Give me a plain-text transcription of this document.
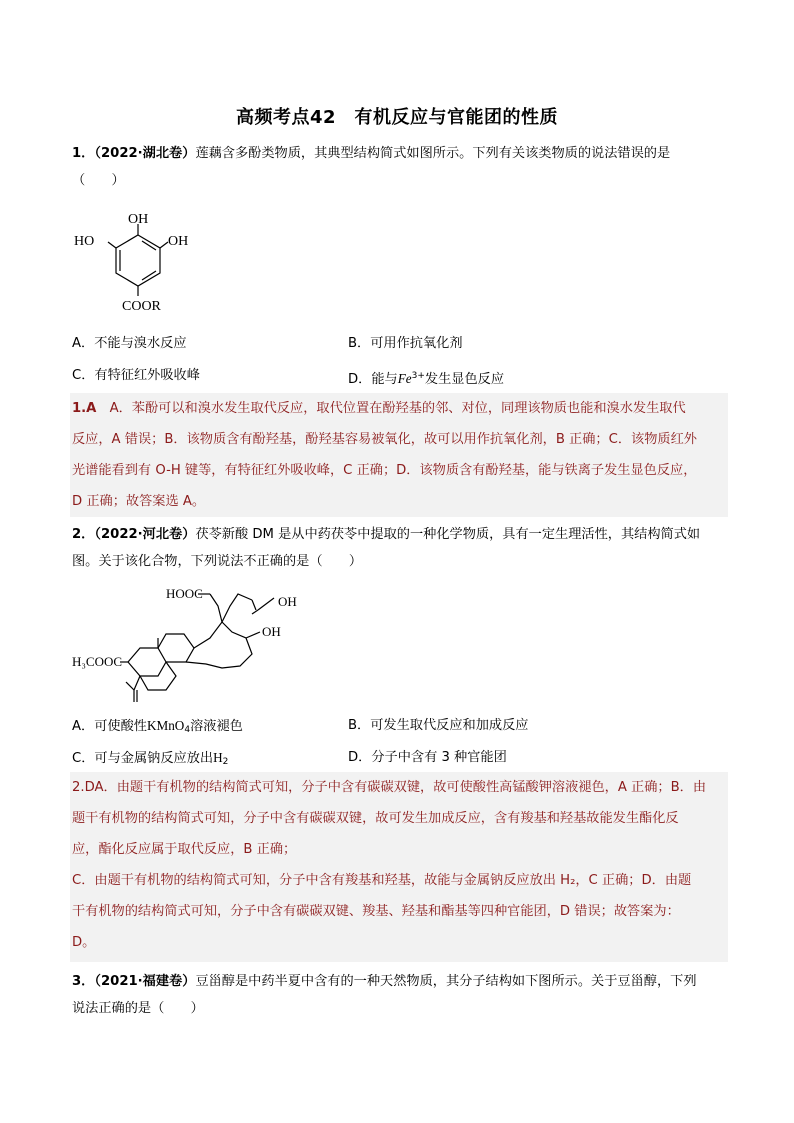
高频考点42　有机反应与官能团的性质
1．（2022·湖北卷）莲藕含多酚类物质，其典型结构简式如图所示。下列有关该类物质的说法错误的是
（　　）
OH
HO	OH
COOR
A．不能与溴水反应	B．可用作抗氧化剂
C．有特征红外吸收峰	D．能与$Fe^{3+}$发生显色反应

1.A　A．苯酚可以和溴水发生取代反应，取代位置在酚羟基的邻、对位，同理该物质也能和溴水发生取代

反应，A 错误；B．该物质含有酚羟基，酚羟基容易被氧化，故可以用作抗氧化剂，B 正确；C．该物质红外

光谱能看到有 O-H 键等，有特征红外吸收峰，C 正确；D．该物质含有酚羟基，能与铁离子发生显色反应，

D 正确；故答案选 A。

2．（2022·河北卷）茯苓新酸 DM 是从中药茯苓中提取的一种化学物质，具有一定生理活性，其结构简式如
图。关于该化合物，下列说法不正确的是（　　）
HOOC
OH
OH
H₃COOC
A．可使酸性KMnO$_4$溶液褪色	B．可发生取代反应和加成反应
C．可与金属钠反应放出$H_2$	D．分子中含有 3 种官能团

2.DA．由题干有机物的结构简式可知，分子中含有碳碳双键，故可使酸性高锰酸钾溶液褪色，A 正确；B．由

题干有机物的结构简式可知，分子中含有碳碳双键，故可发生加成反应，含有羧基和羟基故能发生酯化反

应，酯化反应属于取代反应，B 正确；

C．由题干有机物的结构简式可知，分子中含有羧基和羟基，故能与金属钠反应放出 H₂，C 正确；D．由题

干有机物的结构简式可知，分子中含有碳碳双键、羧基、羟基和酯基等四种官能团，D 错误；故答案为：

D。

3．（2021·福建卷）豆甾醇是中药半夏中含有的一种天然物质，其分子结构如下图所示。关于豆甾醇，下列
说法正确的是（　　）
